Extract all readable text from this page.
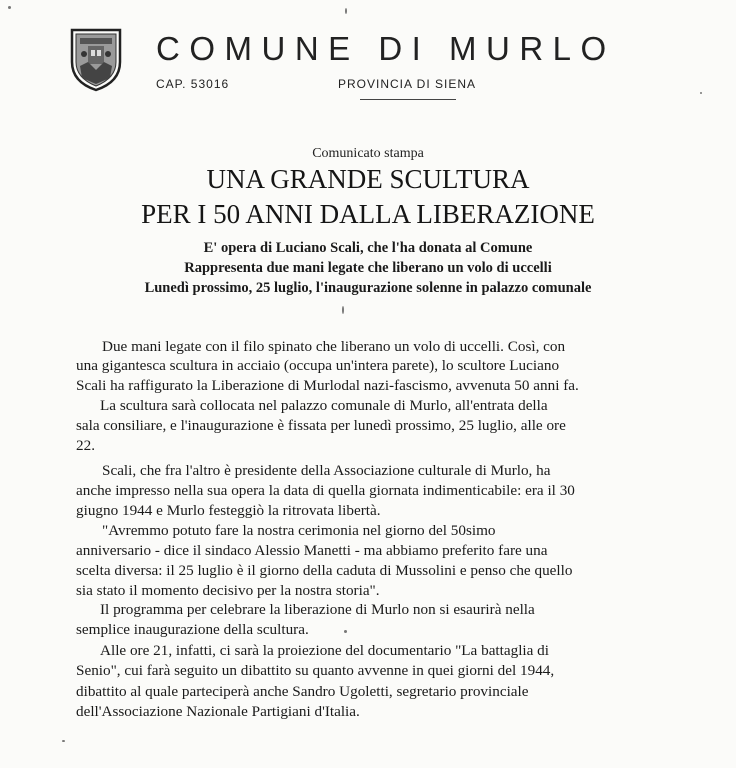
COMUNE DI MURLO
CAP. 53016	PROVINCIA DI SIENA
Comunicato stampa
UNA GRANDE SCULTURA
PER I 50 ANNI DALLA LIBERAZIONE
E' opera di Luciano Scali, che l'ha donata al Comune
Rappresenta due mani legate che liberano un volo di uccelli
Lunedì prossimo, 25 luglio, l'inaugurazione solenne in palazzo comunale
Due mani legate con il filo spinato che liberano un volo di uccelli. Così, con
una gigantesca scultura in acciaio (occupa un'intera parete), lo scultore Luciano
Scali ha raffigurato la Liberazione di Murlodal nazi-fascismo, avvenuta 50 anni fa.
La scultura sarà collocata nel palazzo comunale di Murlo, all'entrata della
sala consiliare, e l'inaugurazione è fissata per lunedì prossimo, 25 luglio, alle ore
22.
Scali, che fra l'altro è presidente della Associazione culturale di Murlo, ha
anche impresso nella sua opera la data di quella giornata indimenticabile: era il 30
giugno 1944 e Murlo festeggiò la ritrovata libertà.
"Avremmo potuto fare la nostra cerimonia nel giorno del 50simo
anniversario - dice il sindaco Alessio Manetti - ma abbiamo preferito fare una
scelta diversa: il 25 luglio è il giorno della caduta di Mussolini e penso che quello
sia stato il momento decisivo per la nostra storia".
Il programma per celebrare la liberazione di Murlo non si esaurirà nella
semplice inaugurazione della scultura.
Alle ore 21, infatti, ci sarà la proiezione del documentario "La battaglia di
Senio", cui farà seguito un dibattito su quanto avvenne in quei giorni del 1944,
dibattito al quale parteciperà anche Sandro Ugoletti, segretario provinciale
dell'Associazione Nazionale Partigiani d'Italia.
